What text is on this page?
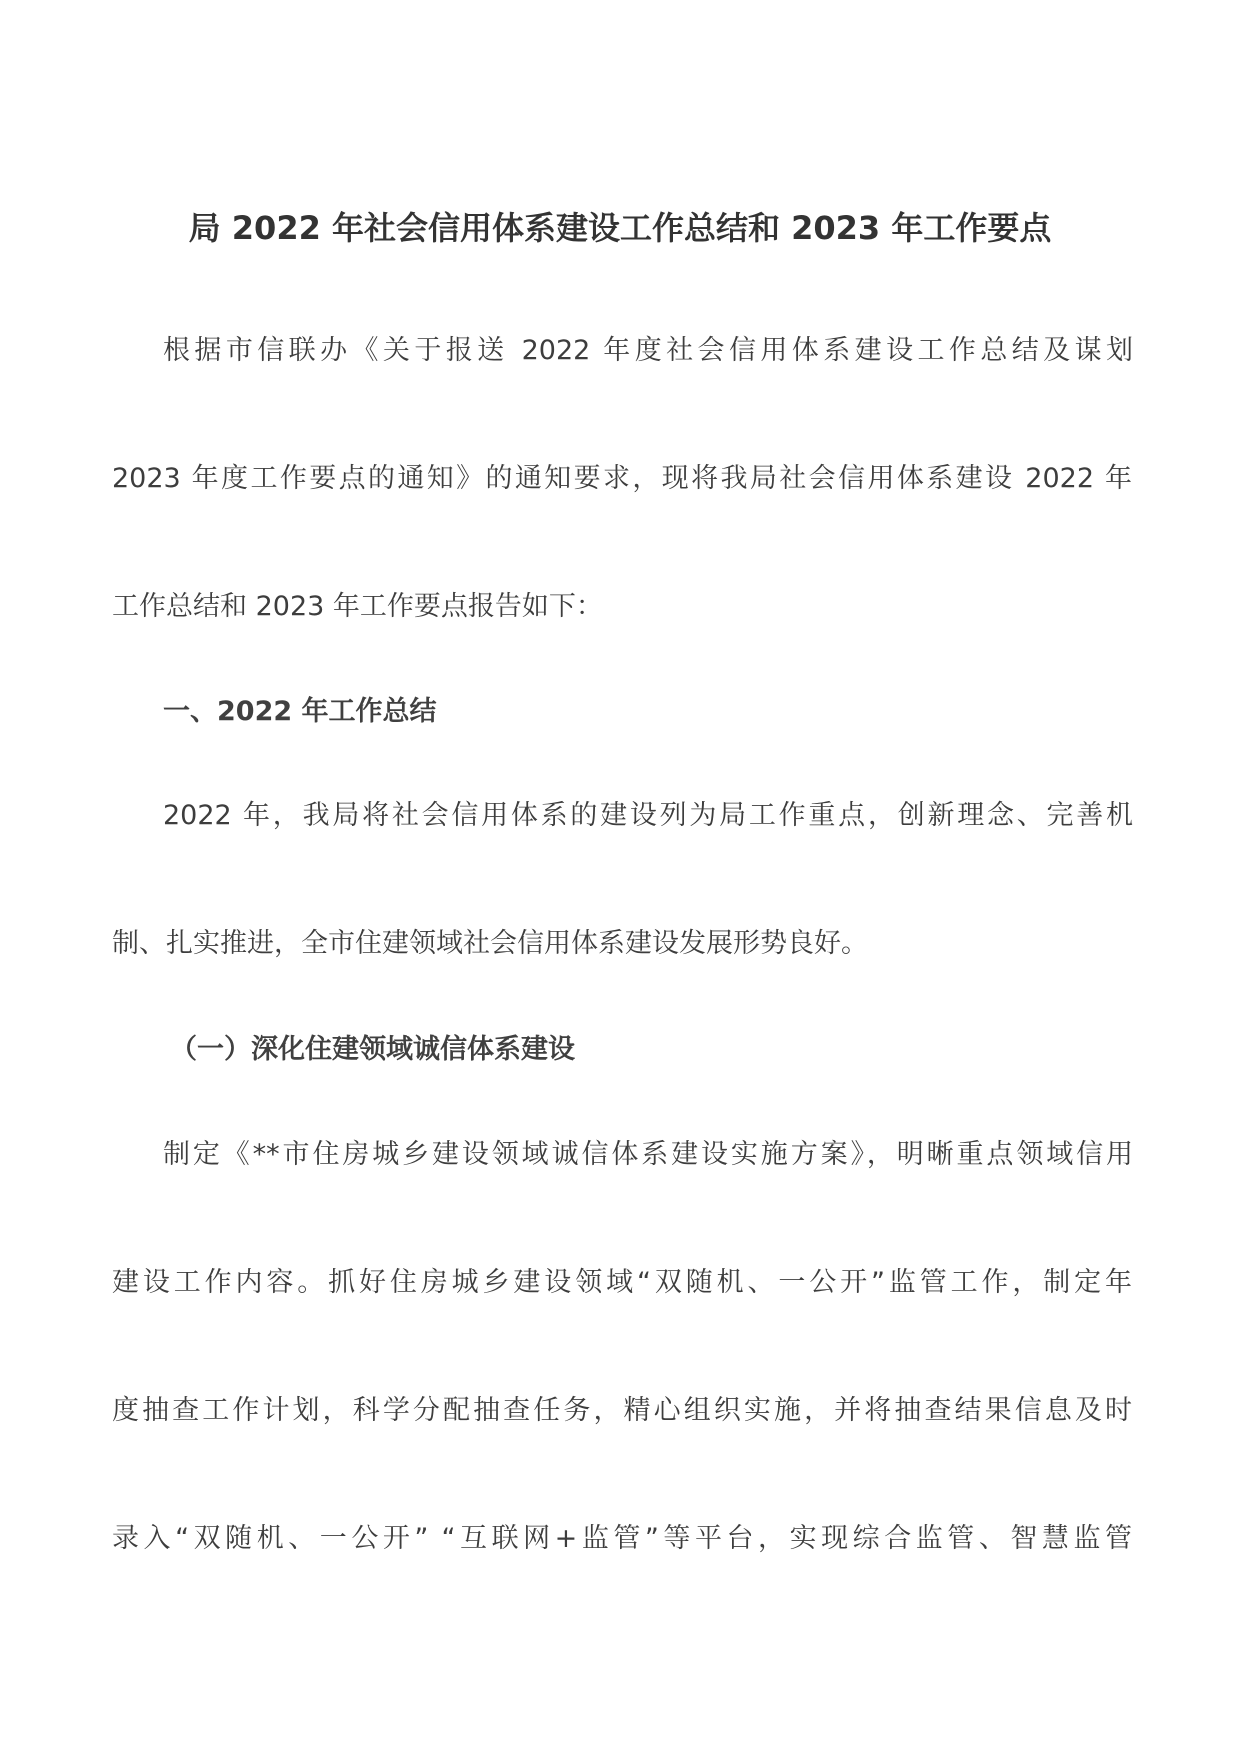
局 2022 年社会信用体系建设工作总结和 2023 年工作要点
根据市信联办《关于报送 2022 年度社会信用体系建设工作总结及谋划
2023 年度工作要点的通知》的通知要求，现将我局社会信用体系建设 2022 年
工作总结和 2023 年工作要点报告如下：
一、2022 年工作总结
2022 年，我局将社会信用体系的建设列为局工作重点，创新理念、完善机
制、扎实推进，全市住建领域社会信用体系建设发展形势良好。
（一）深化住建领域诚信体系建设
制定《**市住房城乡建设领域诚信体系建设实施方案》，明晰重点领域信用
建设工作内容。抓好住房城乡建设领域“双随机、一公开”监管工作，制定年
度抽查工作计划，科学分配抽查任务，精心组织实施，并将抽查结果信息及时
录入“双随机、一公开” “互联网+监管”等平台，实现综合监管、智慧监管
